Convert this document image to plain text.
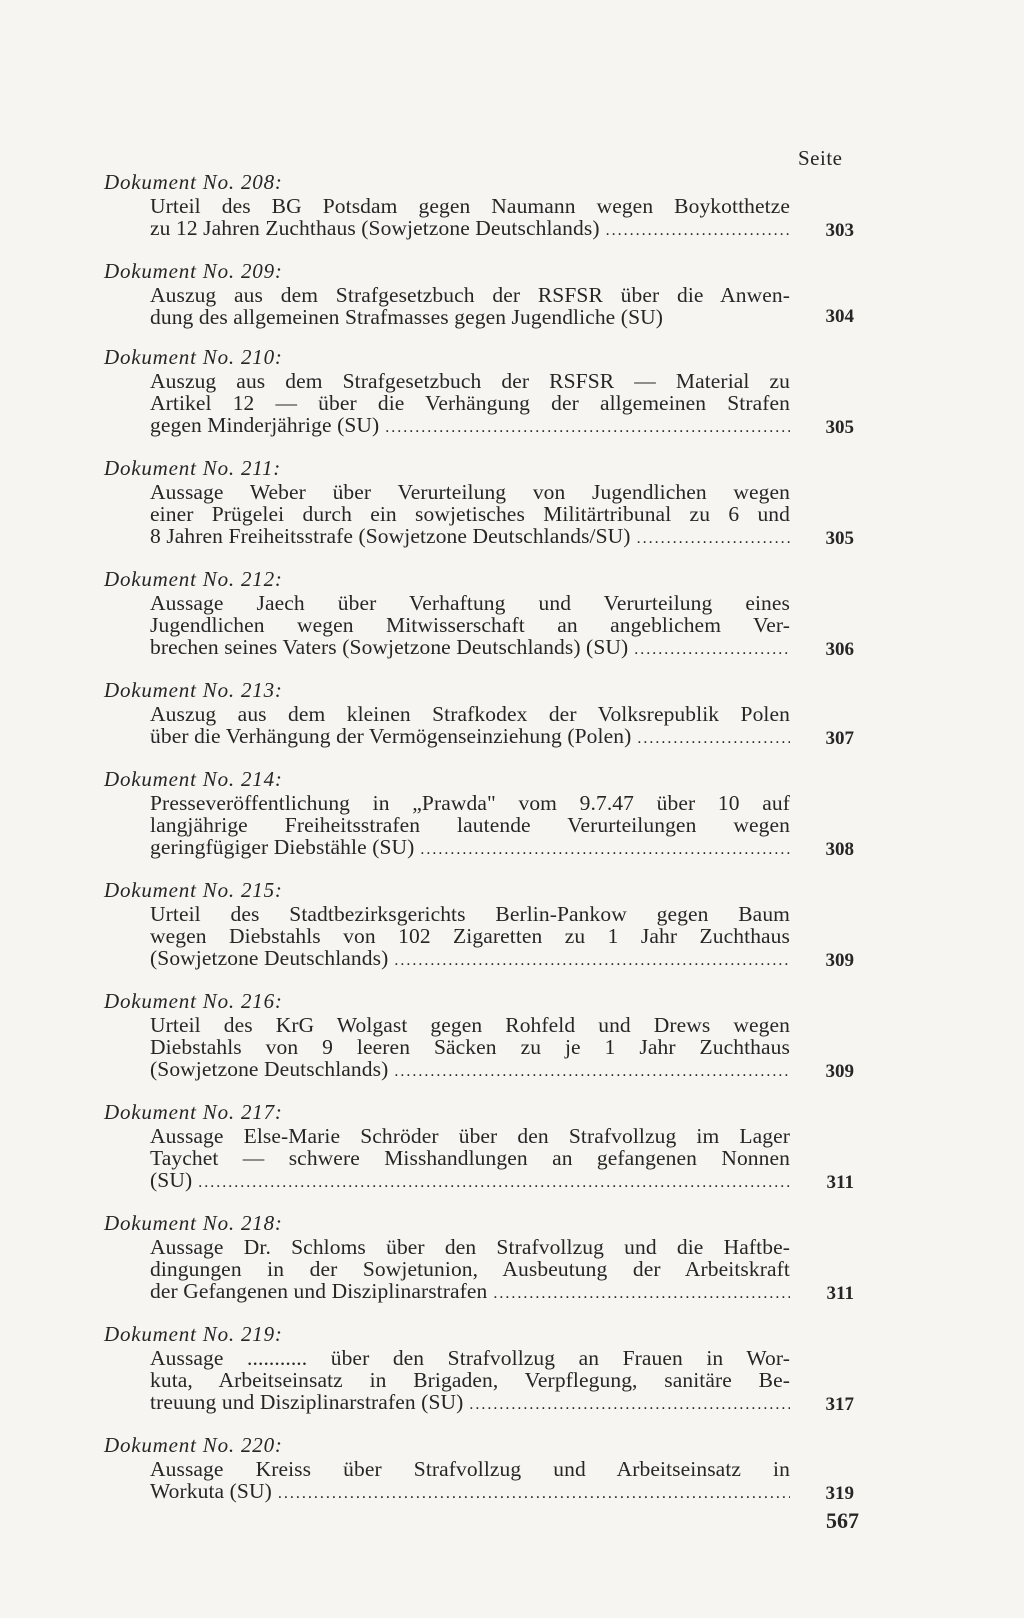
Seite
Dokument No. 208:
Urteil des BG Potsdam gegen Naumann wegen Boykotthetze
zu 12 Jahren Zuchthaus (Sowjetzone Deutschlands) .....	303
Dokument No. 209:
Auszug aus dem Strafgesetzbuch der RSFSR über die Anwen-
dung des allgemeinen Strafmasses gegen Jugendliche (SU)	304
Dokument No. 210:
Auszug aus dem Strafgesetzbuch der RSFSR — Material zu
Artikel 12 — über die Verhängung der allgemeinen Strafen
gegen Minderjährige (SU) .....	305
Dokument No. 211:
Aussage Weber über Verurteilung von Jugendlichen wegen
einer Prügelei durch ein sowjetisches Militärtribunal zu 6 und
8 Jahren Freiheitsstrafe (Sowjetzone Deutschlands/SU) .....	305
Dokument No. 212:
Aussage Jaech über Verhaftung und Verurteilung eines
Jugendlichen wegen Mitwisserschaft an angeblichem Ver-
brechen seines Vaters (Sowjetzone Deutschlands) (SU) .....	306
Dokument No. 213:
Auszug aus dem kleinen Strafkodex der Volksrepublik Polen
über die Verhängung der Vermögenseinziehung (Polen) .....	307
Dokument No. 214:
Presseveröffentlichung in „Prawda" vom 9.7.47 über 10 auf
langjährige Freiheitsstrafen lautende Verurteilungen wegen
geringfügiger Diebstähle (SU) .....	308
Dokument No. 215:
Urteil des Stadtbezirksgerichts Berlin-Pankow gegen Baum
wegen Diebstahls von 102 Zigaretten zu 1 Jahr Zuchthaus
(Sowjetzone Deutschlands) .....	309
Dokument No. 216:
Urteil des KrG Wolgast gegen Rohfeld und Drews wegen
Diebstahls von 9 leeren Säcken zu je 1 Jahr Zuchthaus
(Sowjetzone Deutschlands) .....	309
Dokument No. 217:
Aussage Else-Marie Schröder über den Strafvollzug im Lager
Taychet — schwere Misshandlungen an gefangenen Nonnen
(SU) .....	311
Dokument No. 218:
Aussage Dr. Schloms über den Strafvollzug und die Haftbe-
dingungen in der Sowjetunion, Ausbeutung der Arbeitskraft
der Gefangenen und Disziplinarstrafen .....	311
Dokument No. 219:
Aussage ........... über den Strafvollzug an Frauen in Wor-
kuta, Arbeitseinsatz in Brigaden, Verpflegung, sanitäre Be-
treuung und Disziplinarstrafen (SU) .....	317
Dokument No. 220:
Aussage Kreiss über Strafvollzug und Arbeitseinsatz in
Workuta (SU) .....	319
567
